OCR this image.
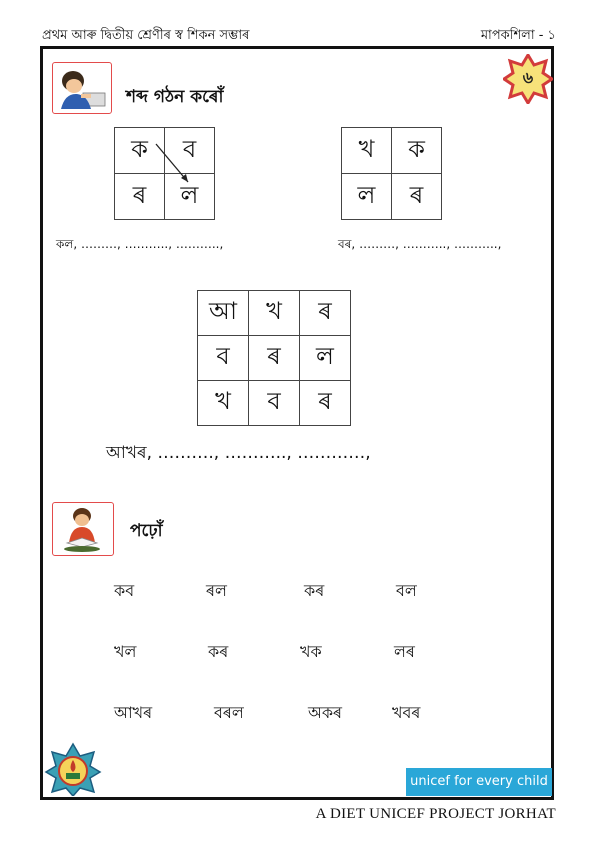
প্ৰথম আৰু দ্বিতীয় শ্ৰেণীৰ স্ব শিকন সম্ভাৰ	মাপকশিলা - ১
৬
শব্দ গঠন কৰোঁ
ক	ব
ৰ	ল
খ	ক
ল	ৰ
কল, ………, ……….., ………..,	বৰ, ………, ……….., ………..,
আ	খ	ৰ
ব	ৰ	ল
খ	ব	ৰ
আখৰ, ………., ……….., …………,
পঢ়োঁ
কব	ৰল	কৰ	বল
খল	কৰ	খক	লৰ
আখৰ	বৰল	অকৰ	খবৰ
unicef for every child
A DIET UNICEF PROJECT JORHAT
